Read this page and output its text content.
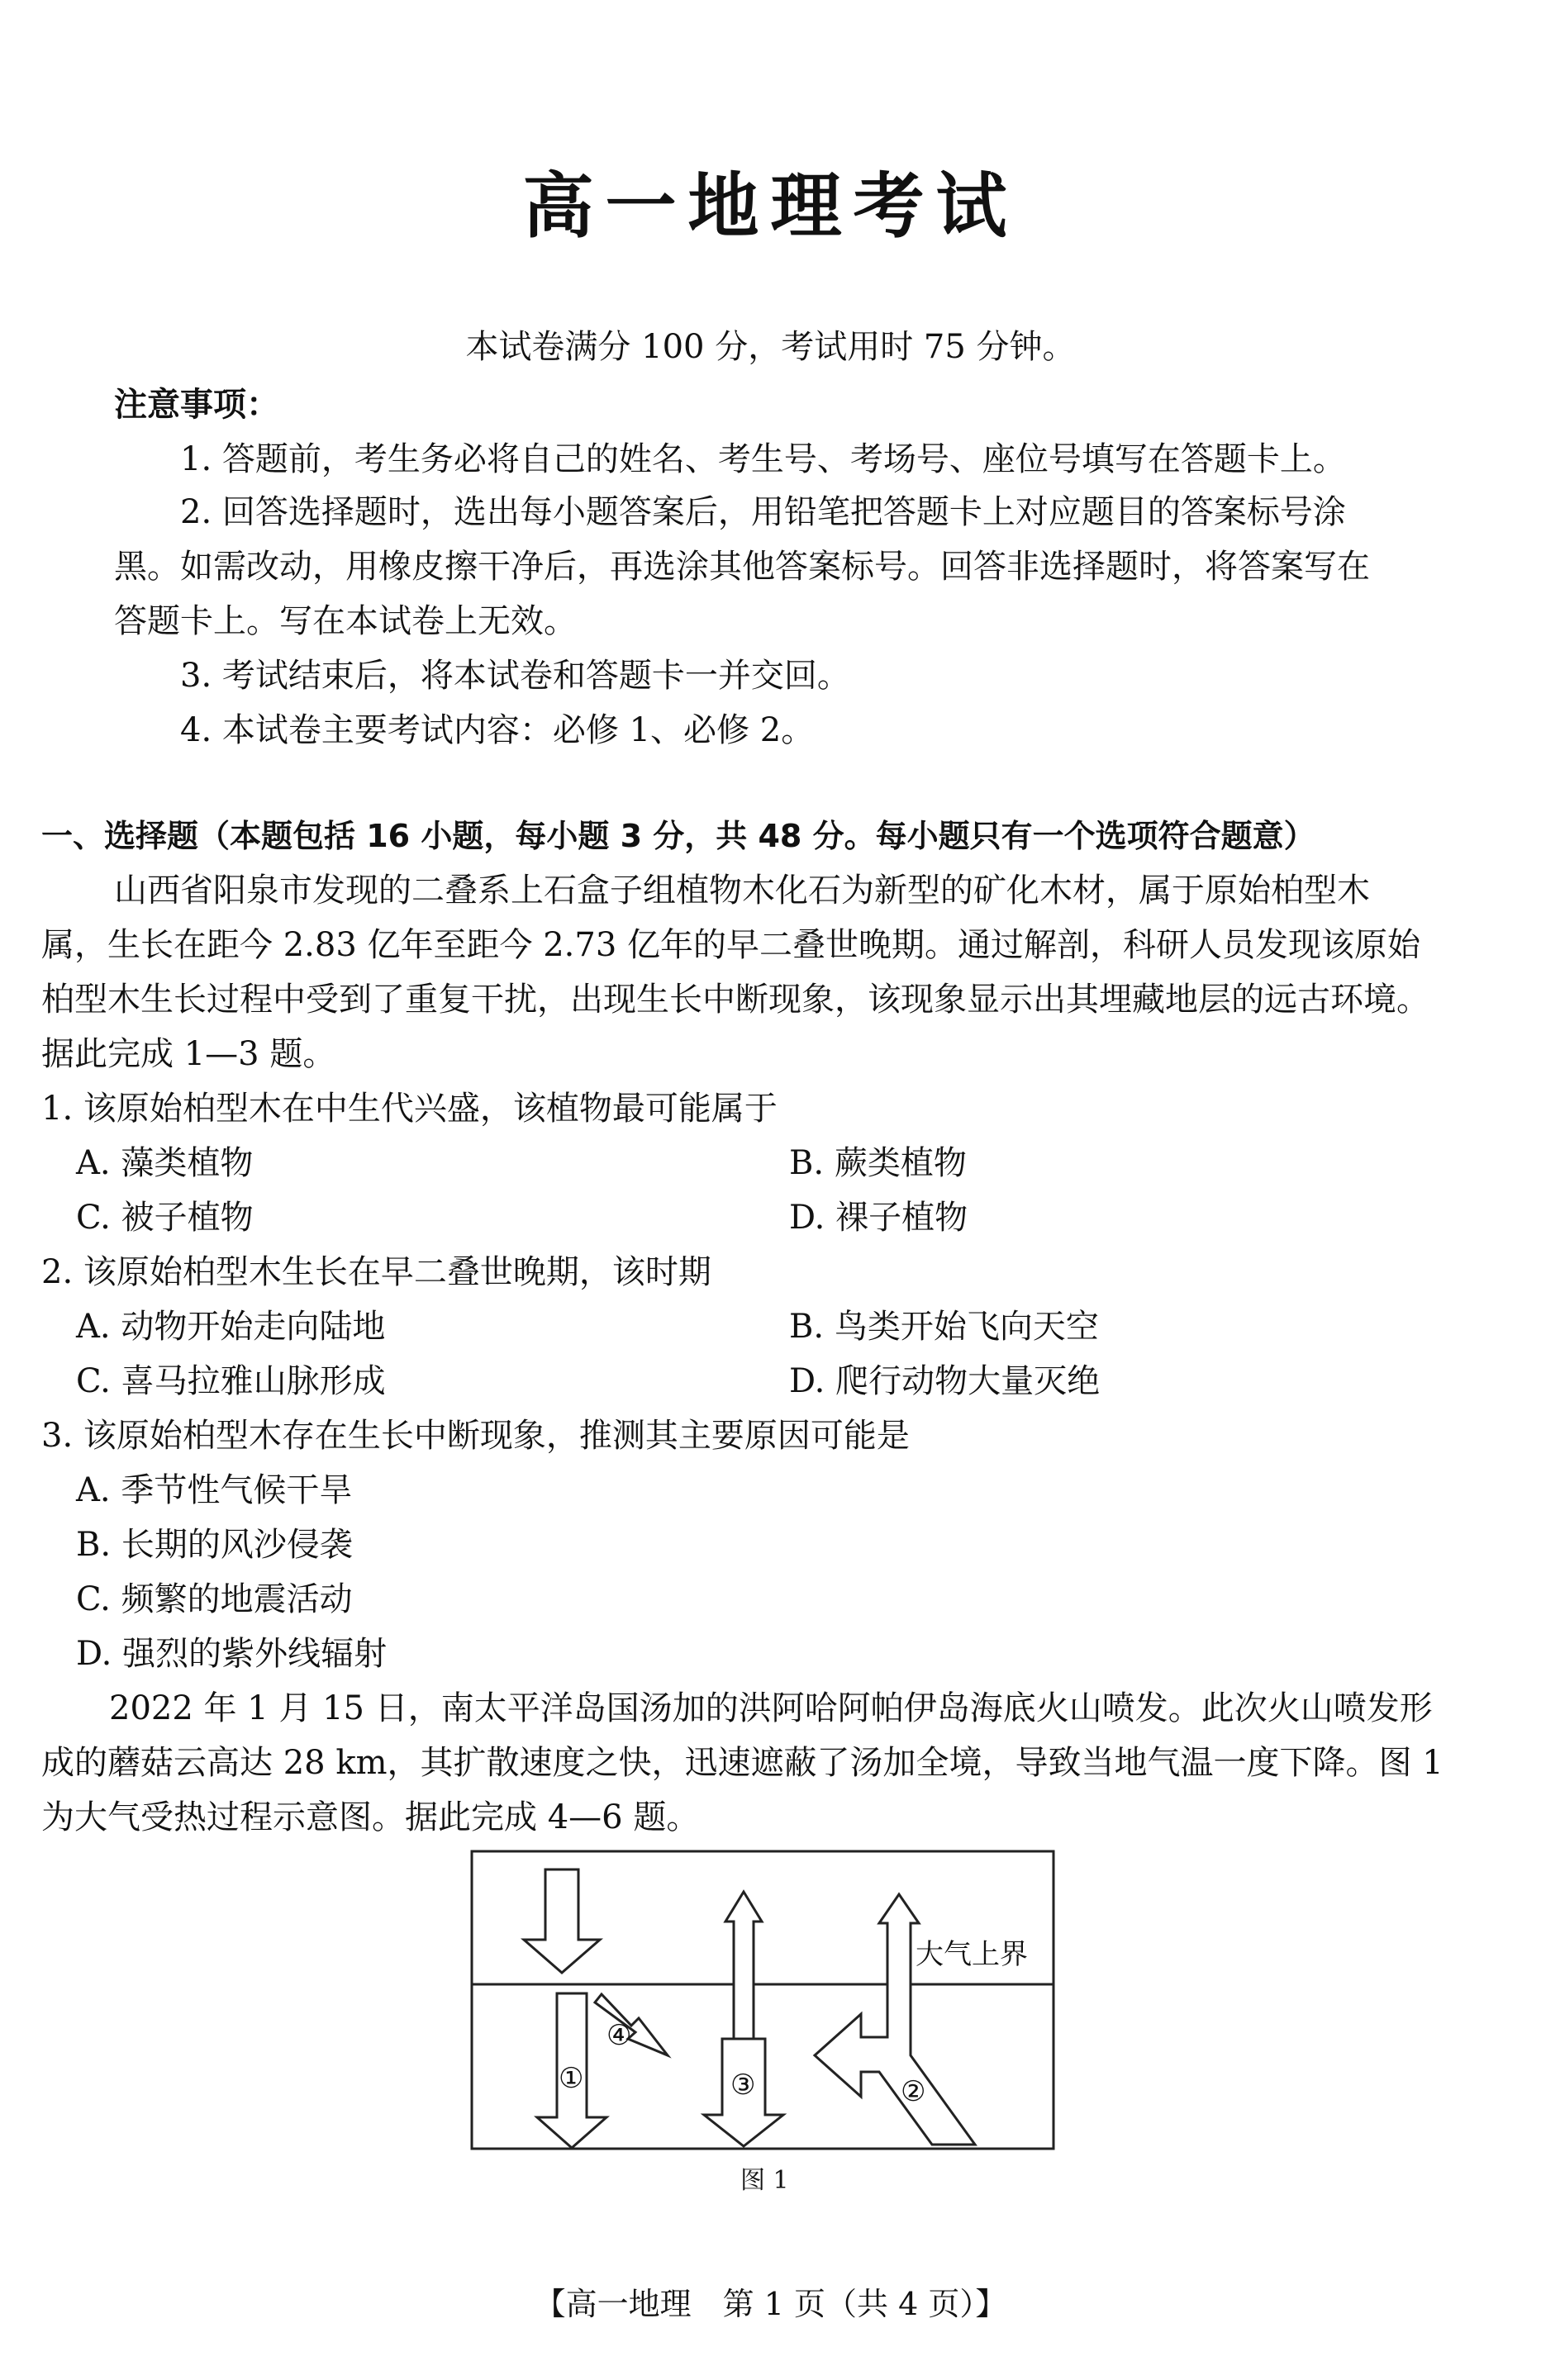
高一地理考试
本试卷满分 100 分，考试用时 75 分钟。
注意事项：
1. 答题前，考生务必将自己的姓名、考生号、考场号、座位号填写在答题卡上。
2. 回答选择题时，选出每小题答案后，用铅笔把答题卡上对应题目的答案标号涂
黑。如需改动，用橡皮擦干净后，再选涂其他答案标号。回答非选择题时，将答案写在
答题卡上。写在本试卷上无效。
3. 考试结束后，将本试卷和答题卡一并交回。
4. 本试卷主要考试内容：必修 1、必修 2。
一、选择题（本题包括 16 小题，每小题 3 分，共 48 分。每小题只有一个选项符合题意）
山西省阳泉市发现的二叠系上石盒子组植物木化石为新型的矿化木材，属于原始柏型木
属，生长在距今 2.83 亿年至距今 2.73 亿年的早二叠世晚期。通过解剖，科研人员发现该原始
柏型木生长过程中受到了重复干扰，出现生长中断现象，该现象显示出其埋藏地层的远古环境。
据此完成 1—3 题。
1. 该原始柏型木在中生代兴盛，该植物最可能属于
A. 藻类植物	B. 蕨类植物
C. 被子植物	D. 裸子植物
2. 该原始柏型木生长在早二叠世晚期，该时期
A. 动物开始走向陆地	B. 鸟类开始飞向天空
C. 喜马拉雅山脉形成	D. 爬行动物大量灭绝
3. 该原始柏型木存在生长中断现象，推测其主要原因可能是
A. 季节性气候干旱
B. 长期的风沙侵袭
C. 频繁的地震活动
D. 强烈的紫外线辐射
2022 年 1 月 15 日，南太平洋岛国汤加的洪阿哈阿帕伊岛海底火山喷发。此次火山喷发形
成的蘑菇云高达 28 km，其扩散速度之快，迅速遮蔽了汤加全境，导致当地气温一度下降。图 1
为大气受热过程示意图。据此完成 4—6 题。
大气上界
①	②
③
④
图 1
【高一地理　第 1 页（共 4 页）】
